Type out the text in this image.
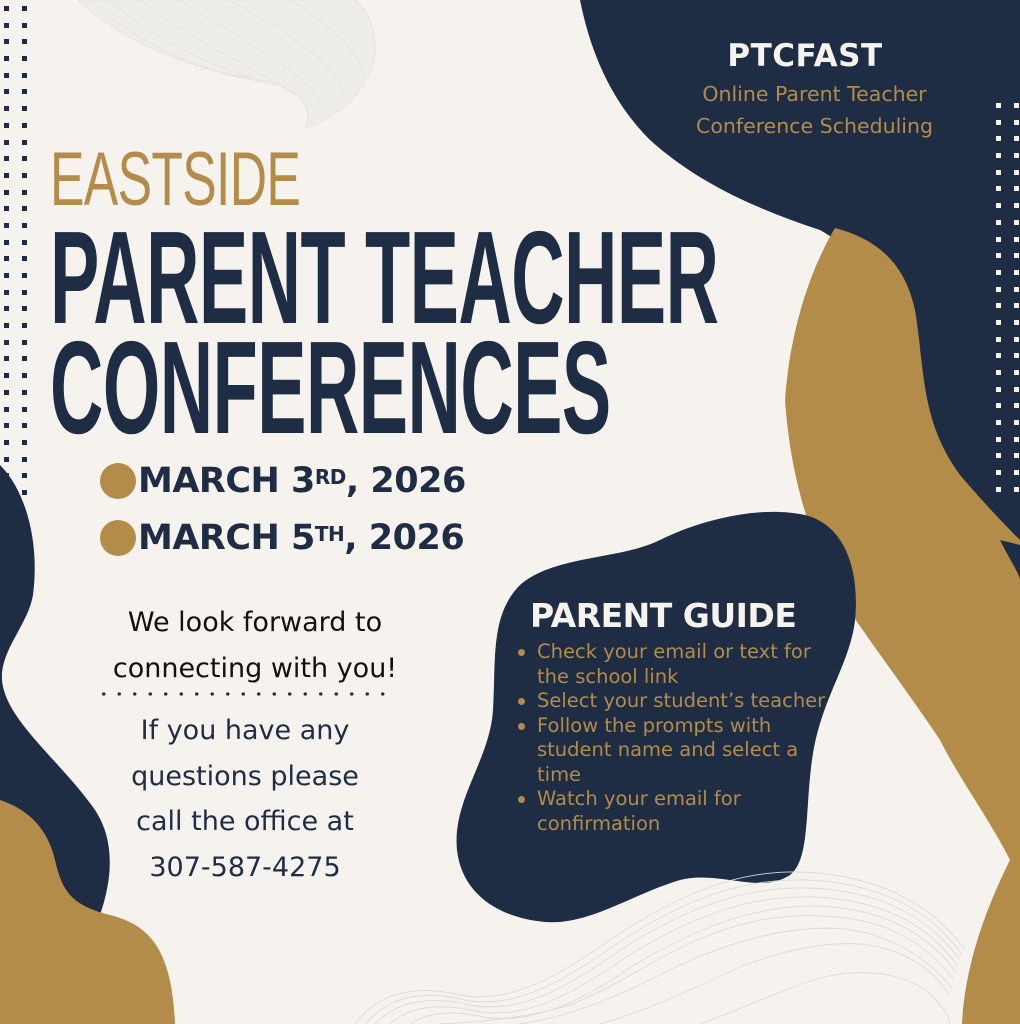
PTCFAST
Online Parent Teacher
Conference Scheduling
EASTSIDE
PARENT TEACHER
CONFERENCES
MARCH 3RD , 2026
MARCH 5TH , 2026
We look forward to
connecting with you!
If you have any
questions please
call the office at
307-587-4275
PARENT GUIDE
Check your email or text for the school link
Select your student’s teacher
Follow the prompts with student name and select a time
Watch your email for confirmation
